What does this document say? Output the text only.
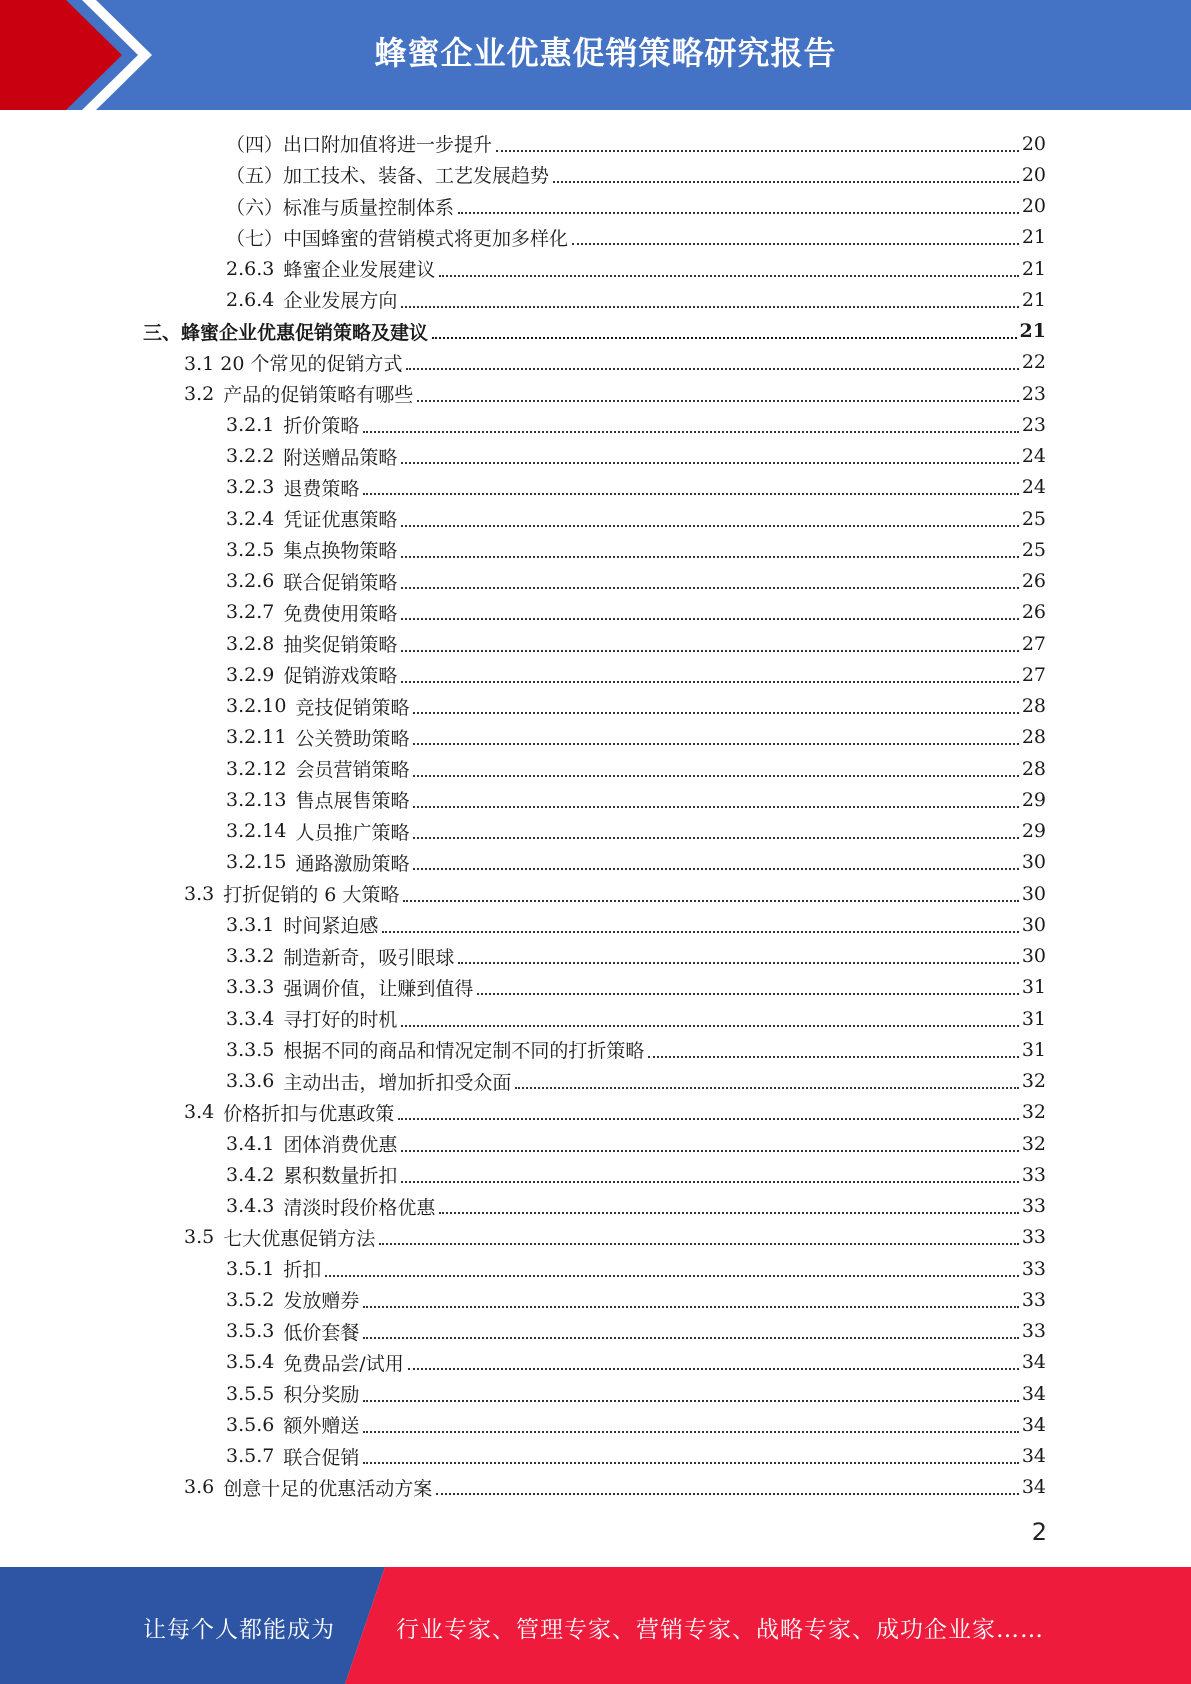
蜂蜜企业优惠促销策略研究报告
（四）出口附加值将进一步提升	20
（五）加工技术、装备、工艺发展趋势	20
（六）标准与质量控制体系	20
（七）中国蜂蜜的营销模式将更加多样化	21
2.6.3 蜂蜜企业发展建议	21
2.6.4 企业发展方向	21
三、蜂蜜企业优惠促销策略及建议	21
3.1 20 个常见的促销方式	22
3.2 产品的促销策略有哪些	23
3.2.1 折价策略	23
3.2.2 附送赠品策略	24
3.2.3 退费策略	24
3.2.4 凭证优惠策略	25
3.2.5 集点换物策略	25
3.2.6 联合促销策略	26
3.2.7 免费使用策略	26
3.2.8 抽奖促销策略	27
3.2.9 促销游戏策略	27
3.2.10 竞技促销策略	28
3.2.11 公关赞助策略	28
3.2.12 会员营销策略	28
3.2.13 售点展售策略	29
3.2.14 人员推广策略	29
3.2.15 通路激励策略	30
3.3 打折促销的 6 大策略	30
3.3.1 时间紧迫感	30
3.3.2 制造新奇，吸引眼球	30
3.3.3 强调价值，让赚到值得	31
3.3.4 寻打好的时机	31
3.3.5 根据不同的商品和情况定制不同的打折策略	31
3.3.6 主动出击，增加折扣受众面	32
3.4 价格折扣与优惠政策	32
3.4.1 团体消费优惠	32
3.4.2 累积数量折扣	33
3.4.3 清淡时段价格优惠	33
3.5 七大优惠促销方法	33
3.5.1 折扣	33
3.5.2 发放赠券	33
3.5.3 低价套餐	33
3.5.4 免费品尝/试用	34
3.5.5 积分奖励	34
3.5.6 额外赠送	34
3.5.7 联合促销	34
3.6 创意十足的优惠活动方案	34
2
让每个人都能成为	行业专家、管理专家、营销专家、战略专家、成功企业家……
